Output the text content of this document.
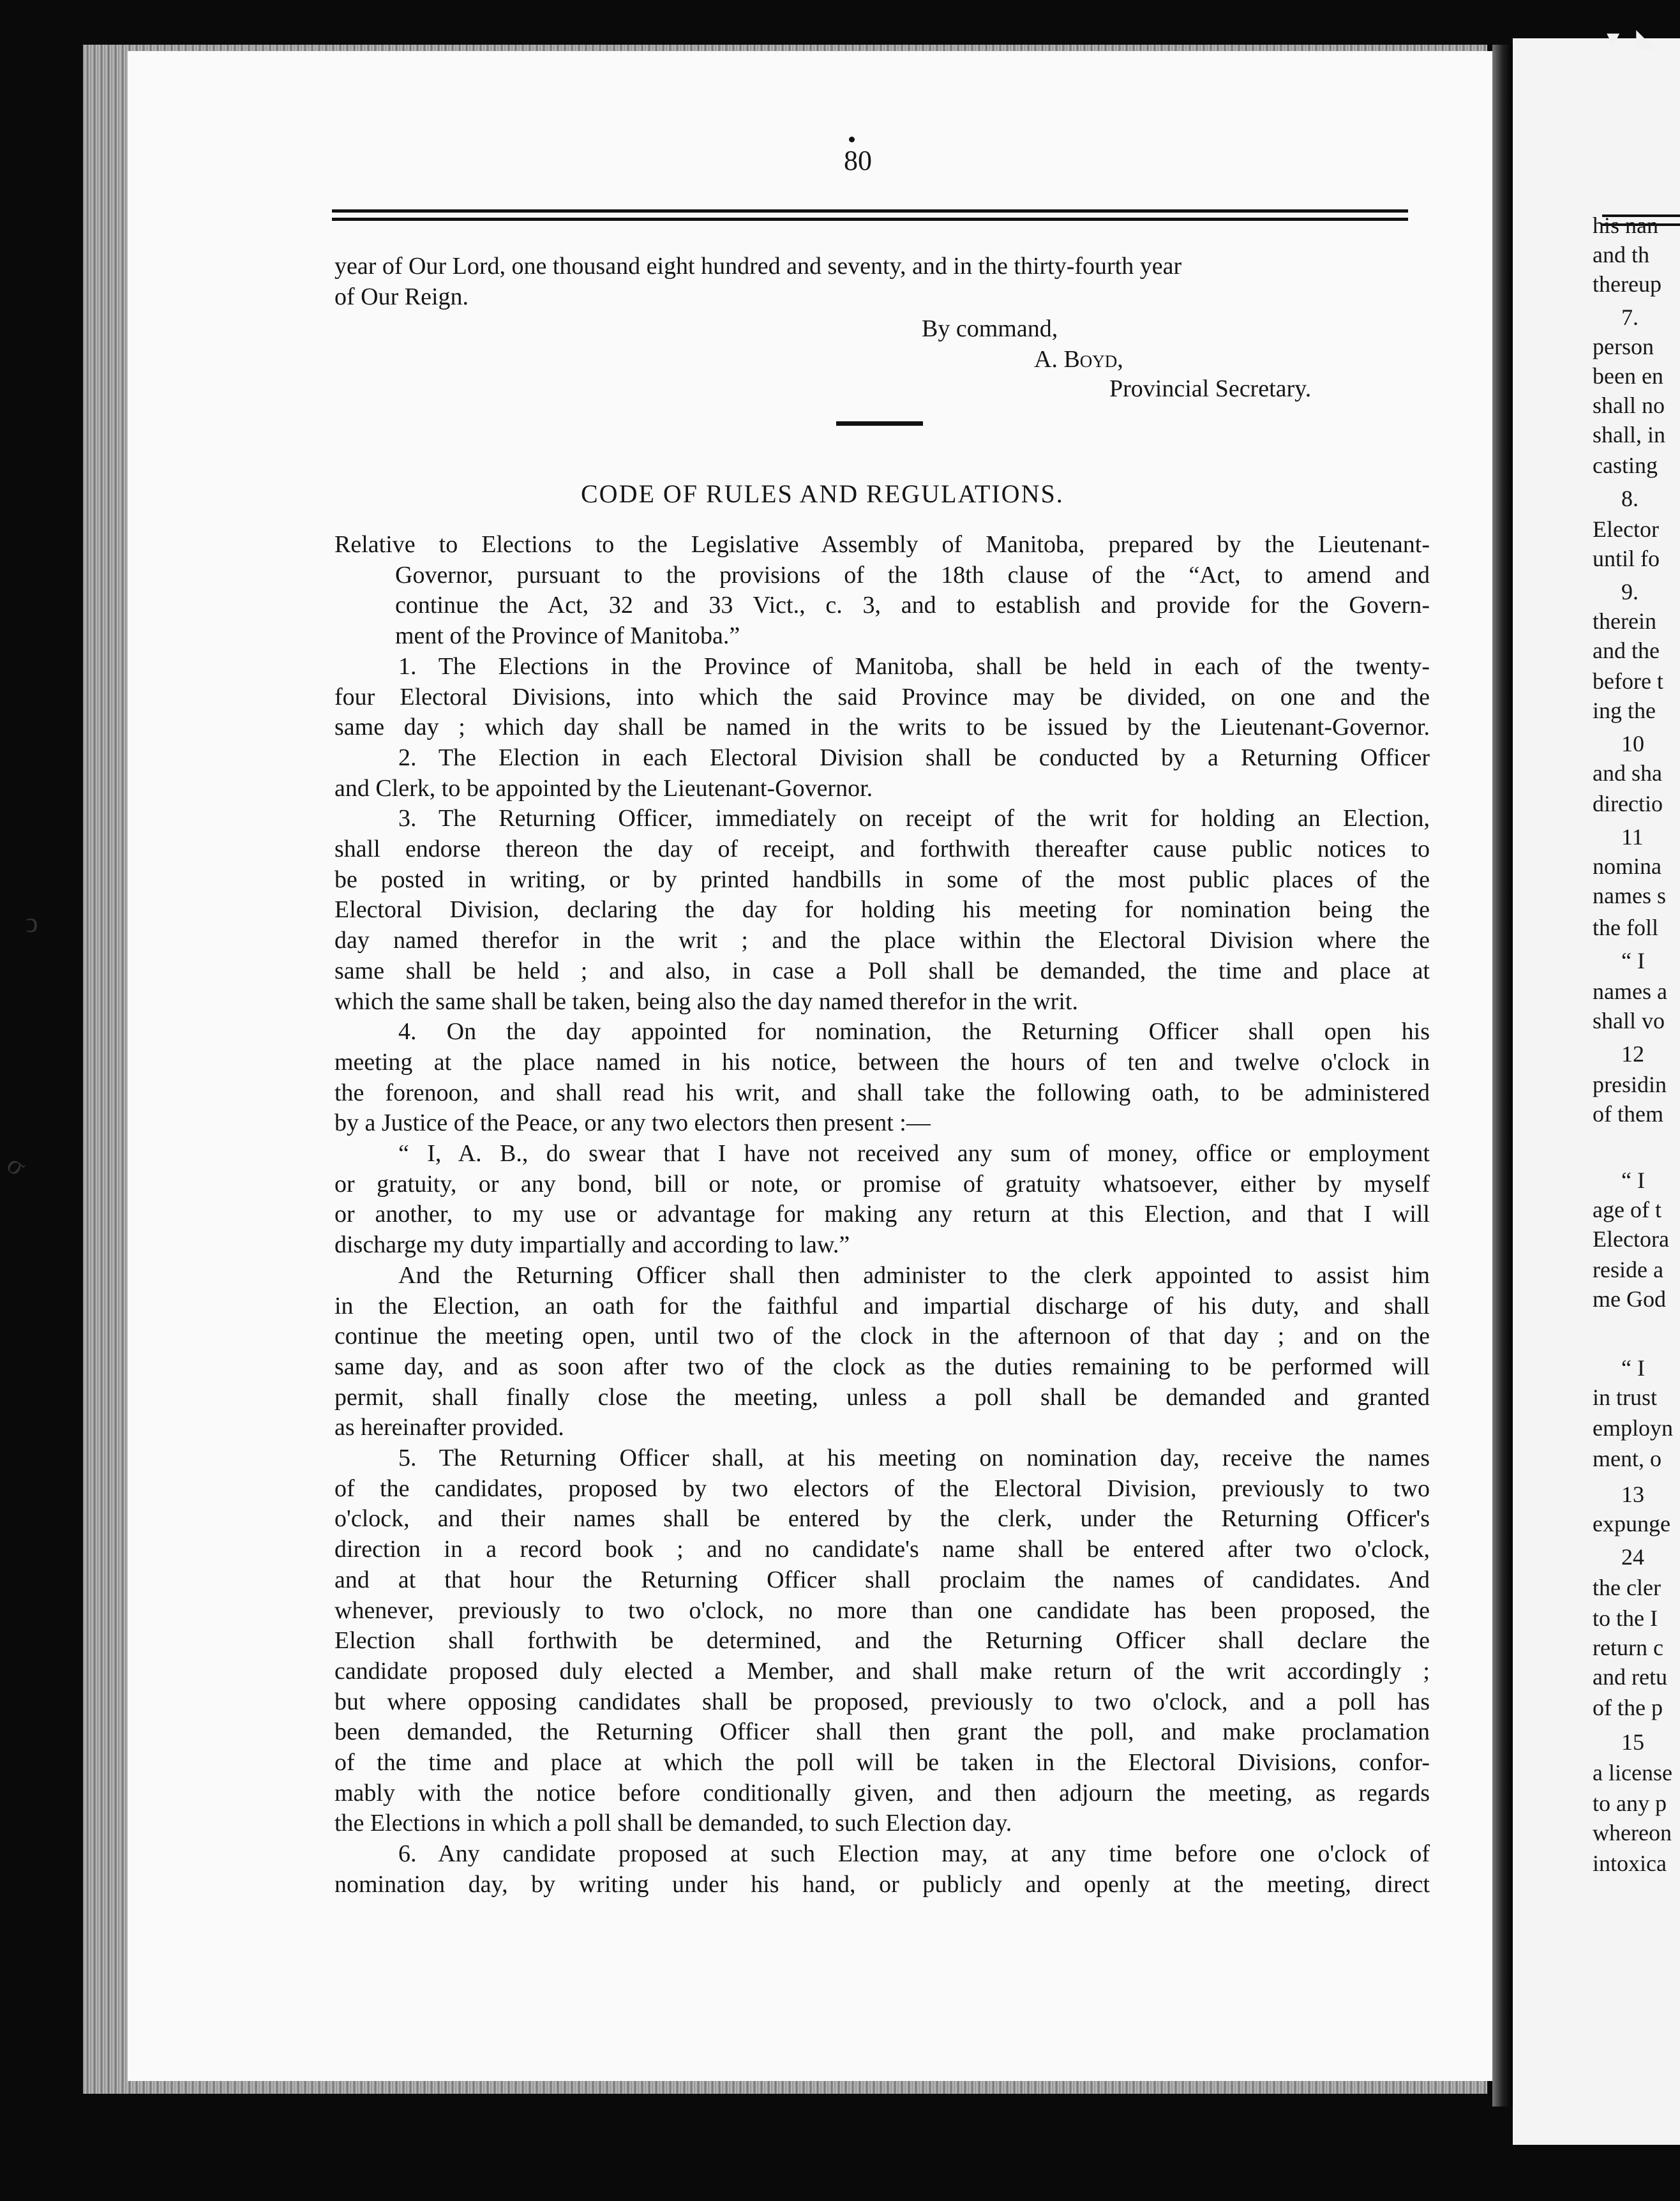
his nan
and th
thereup
7.
person
been en
shall no
shall, in
casting
8.
Elector
until fo
9.
therein
and the
before t
ing the
10
and sha
directio
11
nomina
names s
the foll
“ I
names a
shall vo
12
presidin
of them
“ I
age of t
Electora
reside a
me God
“ I
in trust
employn
ment, o
13
expunge
24
the cler
to the I
return c
and retu
of the p
15
a license
to any p
whereon
intoxica
▾ ◣
ↄ
σ
80
year of Our Lord, one thousand eight hundred and seventy, and in the thirty-fourth year
of Our Reign.
By command,
A. Boyd,
Provincial Secretary.
CODE OF RULES AND REGULATIONS.
Relative to Elections to the Legislative Assembly of Manitoba, prepared by the Lieutenant-
Governor, pursuant to the provisions of the 18th clause of the “Act, to amend and
continue the Act, 32 and 33 Vict., c. 3, and to establish and provide for the Govern-
ment of the Province of Manitoba.”
1. The Elections in the Province of Manitoba, shall be held in each of the twenty-
four Electoral Divisions, into which the said Province may be divided, on one and the
same day ; which day shall be named in the writs to be issued by the Lieutenant-Governor.
2. The Election in each Electoral Division shall be conducted by a Returning Officer
and Clerk, to be appointed by the Lieutenant-Governor.
3. The Returning Officer, immediately on receipt of the writ for holding an Election,
shall endorse thereon the day of receipt, and forthwith thereafter cause public notices to
be posted in writing, or by printed handbills in some of the most public places of the
Electoral Division, declaring the day for holding his meeting for nomination being the
day named therefor in the writ ; and the place within the Electoral Division where the
same shall be held ; and also, in case a Poll shall be demanded, the time and place at
which the same shall be taken, being also the day named therefor in the writ.
4. On the day appointed for nomination, the Returning Officer shall open his
meeting at the place named in his notice, between the hours of ten and twelve o'clock in
the forenoon, and shall read his writ, and shall take the following oath, to be administered
by a Justice of the Peace, or any two electors then present :—
“ I, A. B., do swear that I have not received any sum of money, office or employment
or gratuity, or any bond, bill or note, or promise of gratuity whatsoever, either by myself
or another, to my use or advantage for making any return at this Election, and that I will
discharge my duty impartially and according to law.”
And the Returning Officer shall then administer to the clerk appointed to assist him
in the Election, an oath for the faithful and impartial discharge of his duty, and shall
continue the meeting open, until two of the clock in the afternoon of that day ; and on the
same day, and as soon after two of the clock as the duties remaining to be performed will
permit, shall finally close the meeting, unless a poll shall be demanded and granted
as hereinafter provided.
5. The Returning Officer shall, at his meeting on nomination day, receive the names
of the candidates, proposed by two electors of the Electoral Division, previously to two
o'clock, and their names shall be entered by the clerk, under the Returning Officer's
direction in a record book ; and no candidate's name shall be entered after two o'clock,
and at that hour the Returning Officer shall proclaim the names of candidates. And
whenever, previously to two o'clock, no more than one candidate has been proposed, the
Election shall forthwith be determined, and the Returning Officer shall declare the
candidate proposed duly elected a Member, and shall make return of the writ accordingly ;
but where opposing candidates shall be proposed, previously to two o'clock, and a poll has
been demanded, the Returning Officer shall then grant the poll, and make proclamation
of the time and place at which the poll will be taken in the Electoral Divisions, confor-
mably with the notice before conditionally given, and then adjourn the meeting, as regards
the Elections in which a poll shall be demanded, to such Election day.
6. Any candidate proposed at such Election may, at any time before one o'clock of
nomination day, by writing under his hand, or publicly and openly at the meeting, direct
